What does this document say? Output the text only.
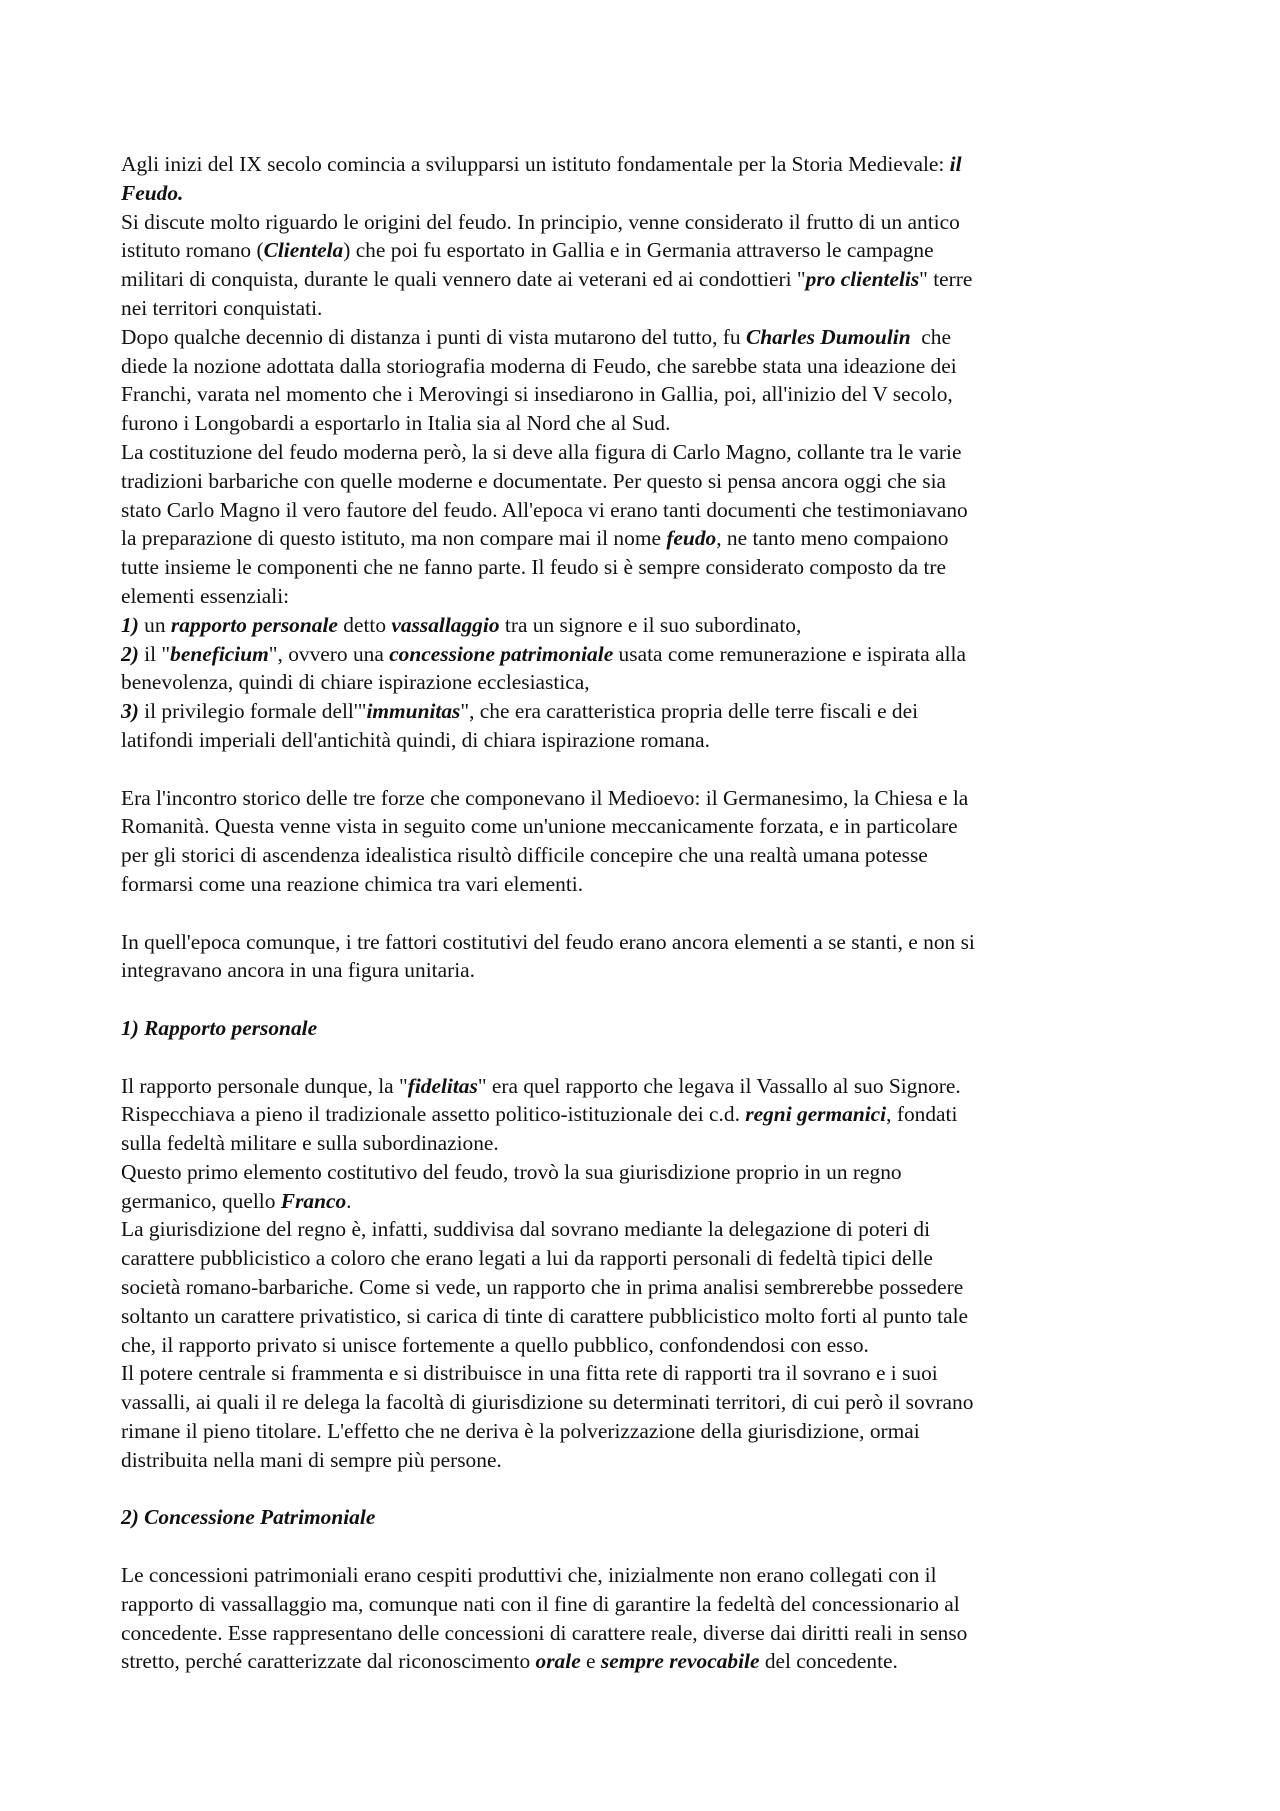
Agli inizi del IX secolo comincia a svilupparsi un istituto fondamentale per la Storia Medievale: il
Feudo.

Si discute molto riguardo le origini del feudo. In principio, venne considerato il frutto di un antico
istituto romano (Clientela) che poi fu esportato in Gallia e in Germania attraverso le campagne
militari di conquista, durante le quali vennero date ai veterani ed ai condottieri "pro clientelis" terre
nei territori conquistati.

Dopo qualche decennio di distanza i punti di vista mutarono del tutto, fu Charles Dumoulin  che
diede la nozione adottata dalla storiografia moderna di Feudo, che sarebbe stata una ideazione dei
Franchi, varata nel momento che i Merovingi si insediarono in Gallia, poi, all'inizio del V secolo,
furono i Longobardi a esportarlo in Italia sia al Nord che al Sud.

La costituzione del feudo moderna però, la si deve alla figura di Carlo Magno, collante tra le varie
tradizioni barbariche con quelle moderne e documentate. Per questo si pensa ancora oggi che sia
stato Carlo Magno il vero fautore del feudo. All'epoca vi erano tanti documenti che testimoniavano
la preparazione di questo istituto, ma non compare mai il nome feudo, ne tanto meno compaiono
tutte insieme le componenti che ne fanno parte. Il feudo si è sempre considerato composto da tre
elementi essenziali:

1) un rapporto personale detto vassallaggio tra un signore e il suo subordinato,
2) il "beneficium", ovvero una concessione patrimoniale usata come remunerazione e ispirata alla
benevolenza, quindi di chiare ispirazione ecclesiastica,
3) il privilegio formale dell'"immunitas", che era caratteristica propria delle terre fiscali e dei
latifondi imperiali dell'antichità quindi, di chiara ispirazione romana.

Era l'incontro storico delle tre forze che componevano il Medioevo: il Germanesimo, la Chiesa e la
Romanità. Questa venne vista in seguito come un'unione meccanicamente forzata, e in particolare
per gli storici di ascendenza idealistica risultò difficile concepire che una realtà umana potesse
formarsi come una reazione chimica tra vari elementi.

In quell'epoca comunque, i tre fattori costitutivi del feudo erano ancora elementi a se stanti, e non si
integravano ancora in una figura unitaria.

1) Rapporto personale

Il rapporto personale dunque, la "fidelitas" era quel rapporto che legava il Vassallo al suo Signore.
Rispecchiava a pieno il tradizionale assetto politico-istituzionale dei c.d. regni germanici, fondati
sulla fedeltà militare e sulla subordinazione.

Questo primo elemento costitutivo del feudo, trovò la sua giurisdizione proprio in un regno
germanico, quello Franco.

La giurisdizione del regno è, infatti, suddivisa dal sovrano mediante la delegazione di poteri di
carattere pubblicistico a coloro che erano legati a lui da rapporti personali di fedeltà tipici delle
società romano-barbariche. Come si vede, un rapporto che in prima analisi sembrerebbe possedere
soltanto un carattere privatistico, si carica di tinte di carattere pubblicistico molto forti al punto tale
che, il rapporto privato si unisce fortemente a quello pubblico, confondendosi con esso.

Il potere centrale si frammenta e si distribuisce in una fitta rete di rapporti tra il sovrano e i suoi
vassalli, ai quali il re delega la facoltà di giurisdizione su determinati territori, di cui però il sovrano
rimane il pieno titolare. L'effetto che ne deriva è la polverizzazione della giurisdizione, ormai
distribuita nella mani di sempre più persone.

2) Concessione Patrimoniale

Le concessioni patrimoniali erano cespiti produttivi che, inizialmente non erano collegati con il
rapporto di vassallaggio ma, comunque nati con il fine di garantire la fedeltà del concessionario al
concedente. Esse rappresentano delle concessioni di carattere reale, diverse dai diritti reali in senso
stretto, perché caratterizzate dal riconoscimento orale e sempre revocabile del concedente.
